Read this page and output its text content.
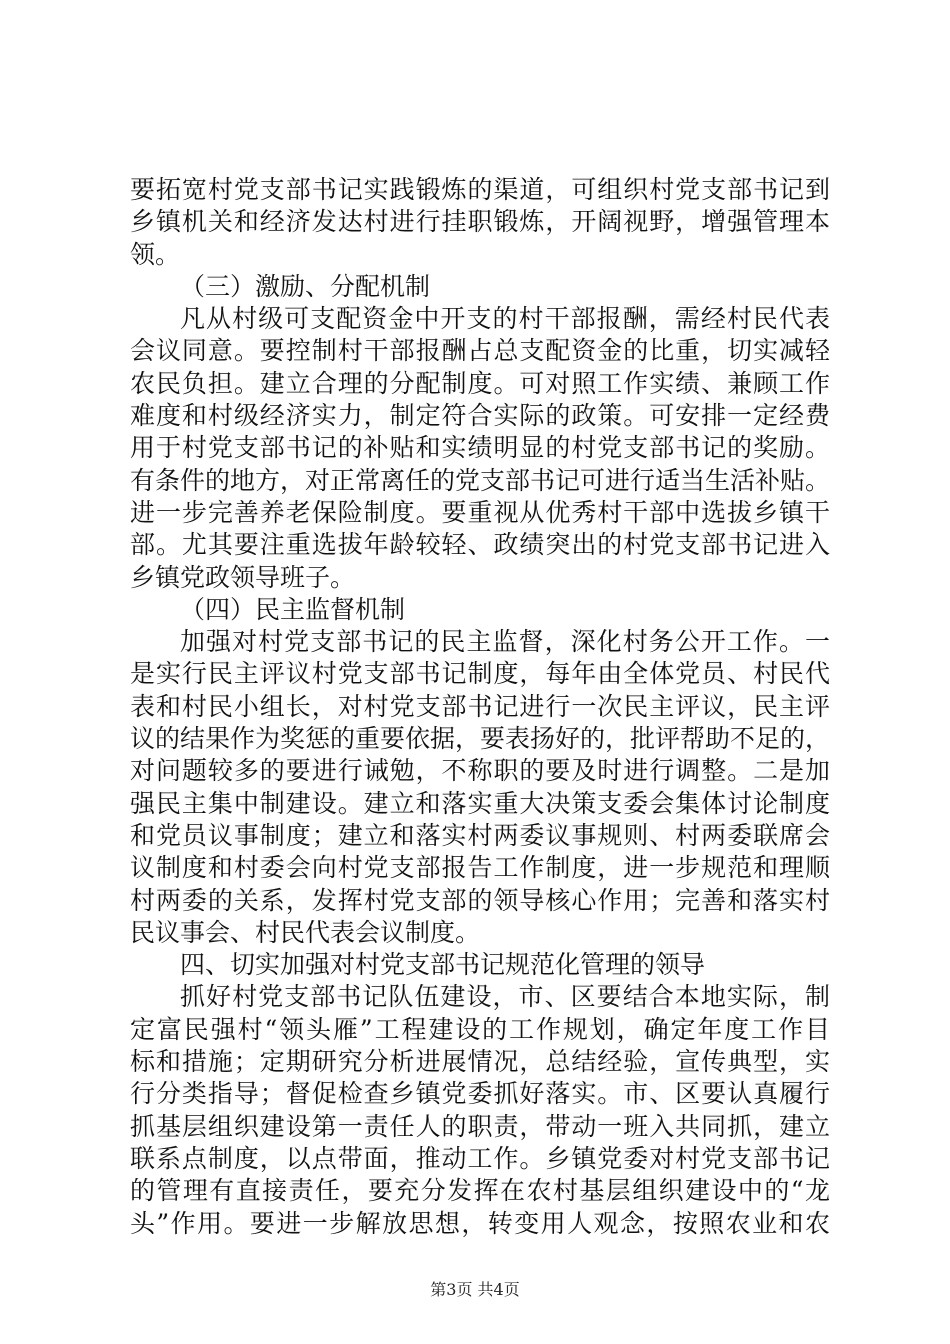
要拓宽村党支部书记实践锻炼的渠道，可组织村党支部书记到
乡镇机关和经济发达村进行挂职锻炼，开阔视野，增强管理本
领。
（三）激励、分配机制
凡从村级可支配资金中开支的村干部报酬，需经村民代表
会议同意。要控制村干部报酬占总支配资金的比重，切实减轻
农民负担。建立合理的分配制度。可对照工作实绩、兼顾工作
难度和村级经济实力，制定符合实际的政策。可安排一定经费
用于村党支部书记的补贴和实绩明显的村党支部书记的奖励。
有条件的地方，对正常离任的党支部书记可进行适当生活补贴。
进一步完善养老保险制度。要重视从优秀村干部中选拔乡镇干
部。尤其要注重选拔年龄较轻、政绩突出的村党支部书记进入
乡镇党政领导班子。
（四）民主监督机制
加强对村党支部书记的民主监督，深化村务公开工作。一
是实行民主评议村党支部书记制度，每年由全体党员、村民代
表和村民小组长，对村党支部书记进行一次民主评议，民主评
议的结果作为奖惩的重要依据，要表扬好的，批评帮助不足的，
对问题较多的要进行诫勉，不称职的要及时进行调整。二是加
强民主集中制建设。建立和落实重大决策支委会集体讨论制度
和党员议事制度；建立和落实村两委议事规则、村两委联席会
议制度和村委会向村党支部报告工作制度，进一步规范和理顺
村两委的关系，发挥村党支部的领导核心作用；完善和落实村
民议事会、村民代表会议制度。
四、切实加强对村党支部书记规范化管理的领导
抓好村党支部书记队伍建设，市、区要结合本地实际，制
定富民强村“领头雁”工程建设的工作规划，确定年度工作目
标和措施；定期研究分析进展情况，总结经验，宣传典型，实
行分类指导；督促检查乡镇党委抓好落实。市、区要认真履行
抓基层组织建设第一责任人的职责，带动一班入共同抓，建立
联系点制度，以点带面，推动工作。乡镇党委对村党支部书记
的管理有直接责任，要充分发挥在农村基层组织建设中的“龙
头”作用。要进一步解放思想，转变用人观念，按照农业和农
第3页 共4页
